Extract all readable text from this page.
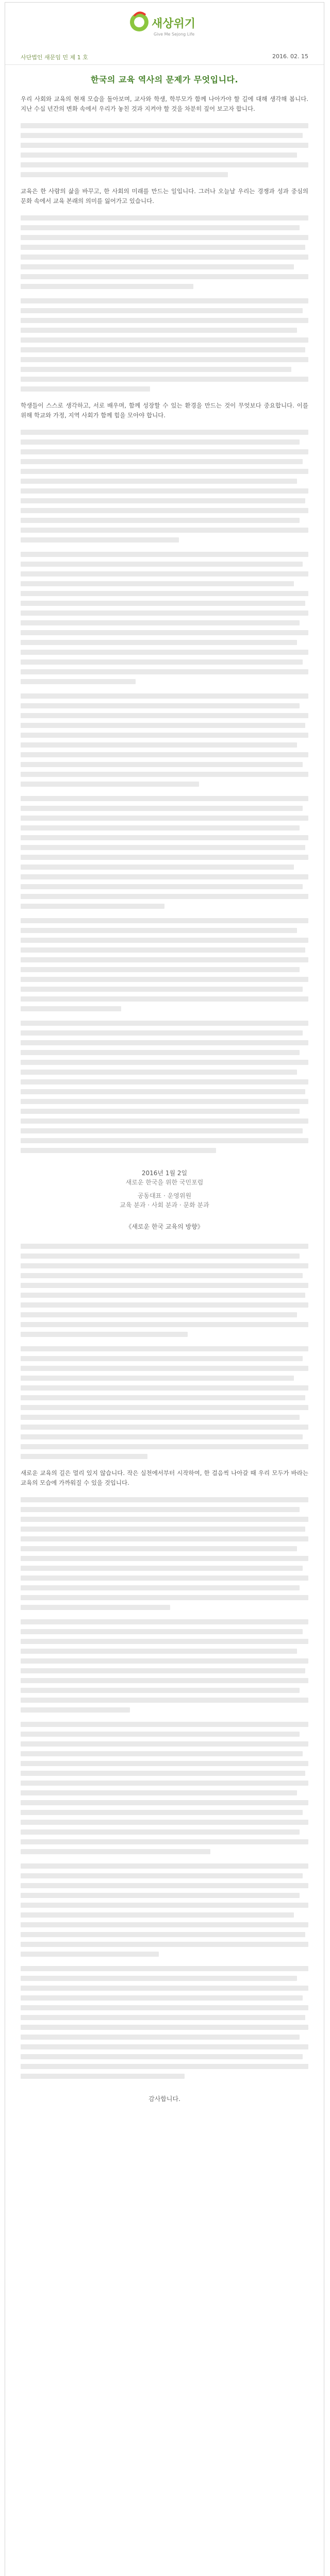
새상위기
Give Me Sejong Life
사단법인 새문임 민 제 1 호	2016. 02. 15
한국의 교육 역사의 문제가 무엇입니다.

우리 사회와 교육의 현재 모습을 돌아보며, 교사와 학생, 학부모가 함께 나아가야 할 길에 대해 생각해 봅니다. 지난 수십 년간의 변화 속에서 우리가 놓친 것과 지켜야 할 것을 차분히 짚어 보고자 합니다.

교육은 한 사람의 삶을 바꾸고, 한 사회의 미래를 만드는 일입니다. 그러나 오늘날 우리는 경쟁과 성과 중심의 문화 속에서 교육 본래의 의미를 잃어가고 있습니다.

학생들이 스스로 생각하고, 서로 배우며, 함께 성장할 수 있는 환경을 만드는 것이 무엇보다 중요합니다. 이를 위해 학교와 가정, 지역 사회가 함께 힘을 모아야 합니다.

2016년 1월 2일
새로운 한국을 위한 국민포럼
공동대표 · 운영위원
교육 분과 · 사회 분과 · 문화 분과
《새로운 한국 교육의 방향》

새로운 교육의 길은 멀리 있지 않습니다. 작은 실천에서부터 시작하여, 한 걸음씩 나아갈 때 우리 모두가 바라는 교육의 모습에 가까워질 수 있을 것입니다.

감사합니다.
